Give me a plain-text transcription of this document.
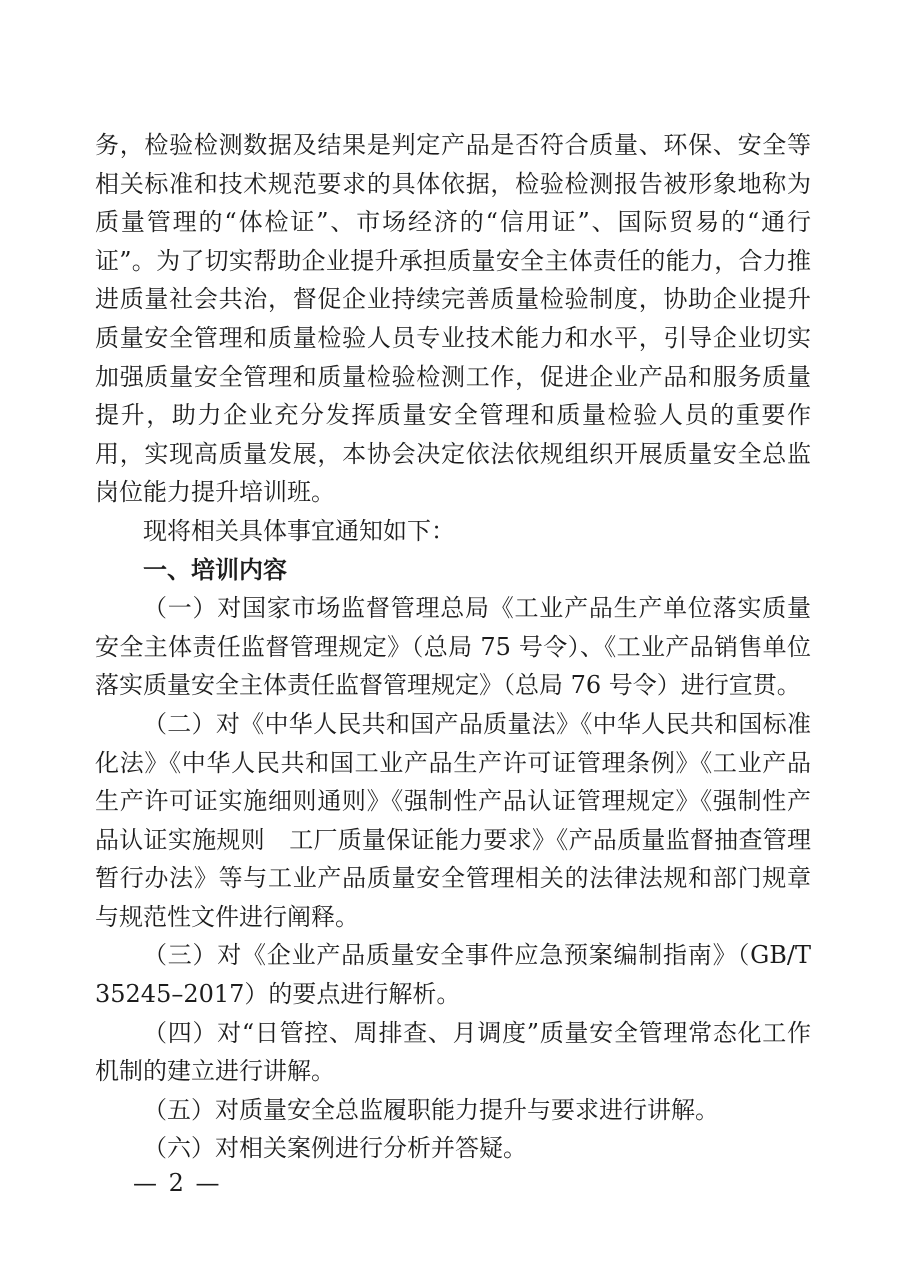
务，检验检测数据及结果是判定产品是否符合质量、环保、安全等相关标准和技术规范要求的具体依据，检验检测报告被形象地称为质量管理的“体检证”、市场经济的“信用证”、国际贸易的“通行证”。为了切实帮助企业提升承担质量安全主体责任的能力，合力推进质量社会共治，督促企业持续完善质量检验制度，协助企业提升质量安全管理和质量检验人员专业技术能力和水平，引导企业切实加强质量安全管理和质量检验检测工作，促进企业产品和服务质量提升，助力企业充分发挥质量安全管理和质量检验人员的重要作用，实现高质量发展，本协会决定依法依规组织开展质量安全总监岗位能力提升培训班。

现将相关具体事宜通知如下：

一、培训内容

（一）对国家市场监督管理总局《工业产品生产单位落实质量安全主体责任监督管理规定》（总局 75 号令）、《工业产品销售单位落实质量安全主体责任监督管理规定》（总局 76 号令）进行宣贯。

（二）对《中华人民共和国产品质量法》《中华人民共和国标准化法》《中华人民共和国工业产品生产许可证管理条例》《工业产品生产许可证实施细则通则》《强制性产品认证管理规定》《强制性产品认证实施规则　工厂质量保证能力要求》《产品质量监督抽查管理暂行办法》等与工业产品质量安全管理相关的法律法规和部门规章与规范性文件进行阐释。

（三）对《企业产品质量安全事件应急预案编制指南》（GB/T 35245–2017）的要点进行解析。

（四）对“日管控、周排查、月调度”质量安全管理常态化工作机制的建立进行讲解。

（五）对质量安全总监履职能力提升与要求进行讲解。

（六）对相关案例进行分析并答疑。

— 2 —
